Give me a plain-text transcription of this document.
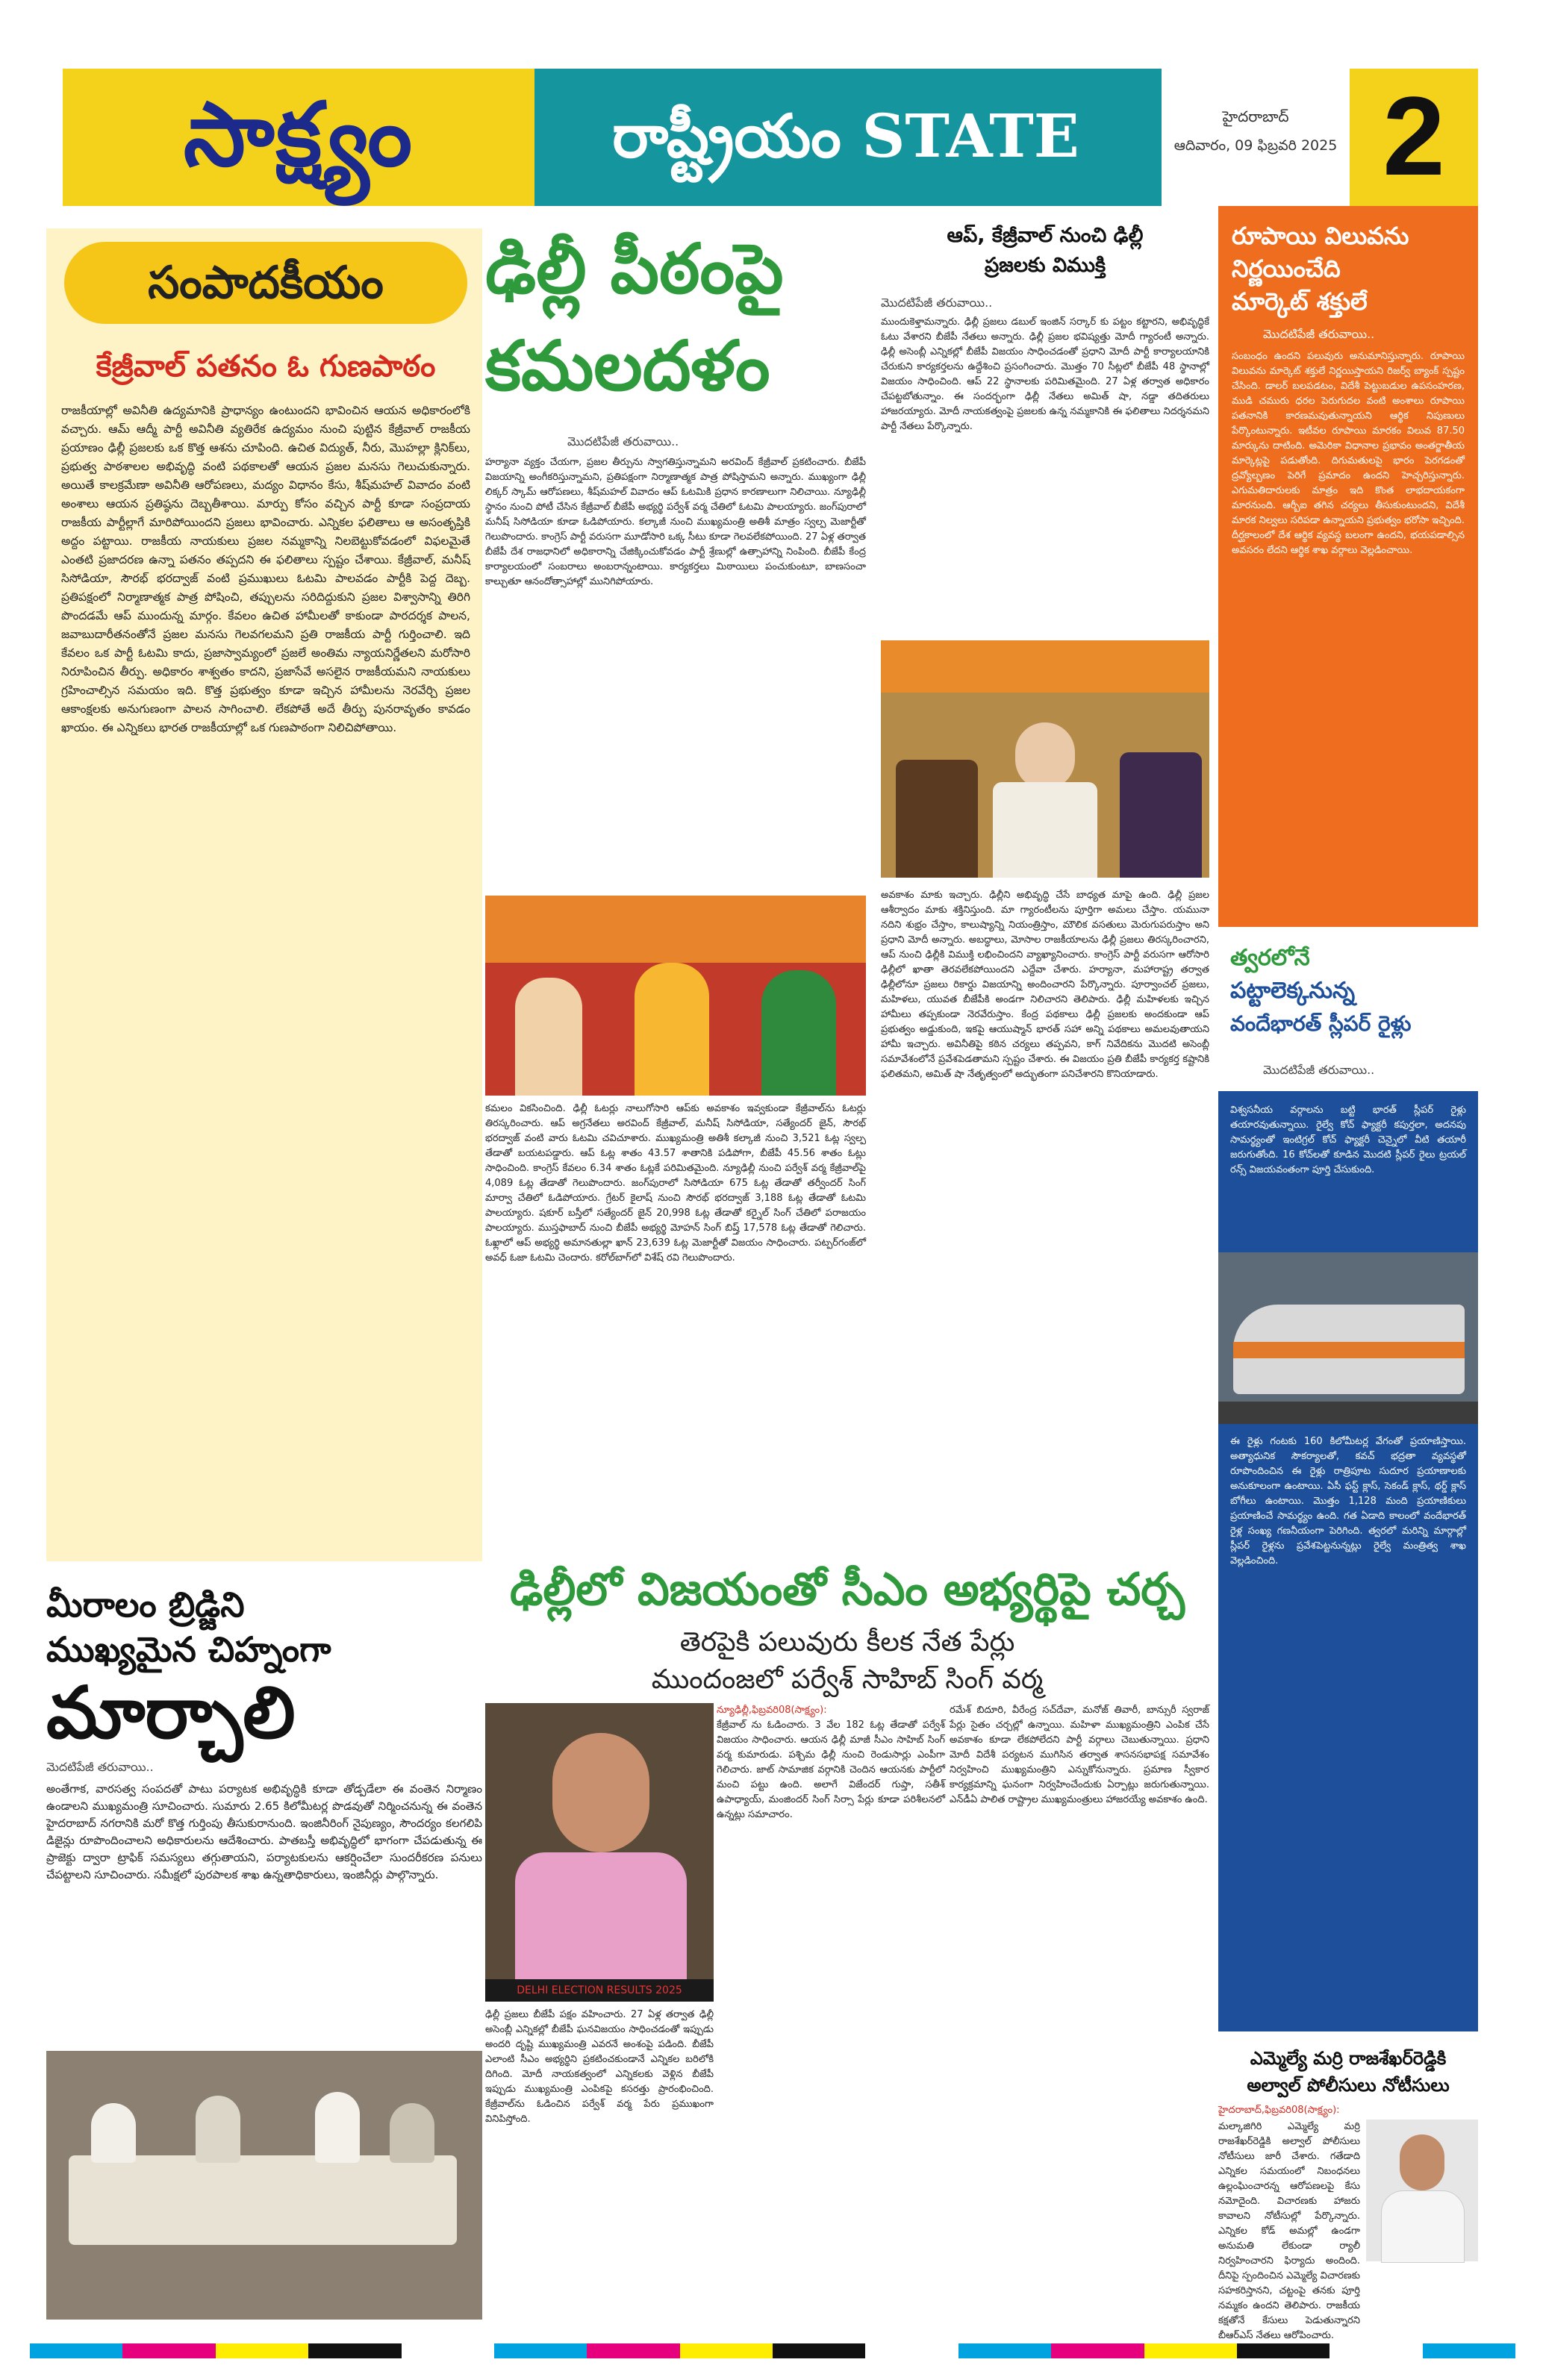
సాక్ష్యం	రాష్ట్రీయం STATE	హైదరాబాద్
ఆదివారం, 09 ఫిబ్రవరి 2025 2
సంపాదకీయం
కేజ్రీవాల్ పతనం ఓ గుణపాఠం
రాజకీయాల్లో అవినీతి ఉద్యమానికి ప్రాధాన్యం ఉంటుందని భావించిన ఆయన అధికారంలోకి వచ్చారు. ఆమ్ ఆద్మీ పార్టీ అవినీతి వ్యతిరేక ఉద్యమం నుంచి పుట్టిన కేజ్రీవాల్ రాజకీయ ప్రయాణం ఢిల్లీ ప్రజలకు ఒక కొత్త ఆశను చూపింది. ఉచిత విద్యుత్, నీరు, మొహల్లా క్లినిక్‌లు, ప్రభుత్వ పాఠశాలల అభివృద్ధి వంటి పథకాలతో ఆయన ప్రజల మనసు గెలుచుకున్నారు. అయితే కాలక్రమేణా అవినీతి ఆరోపణలు, మద్యం విధానం కేసు, శీష్‌మహల్ వివాదం వంటి అంశాలు ఆయన ప్రతిష్ఠను దెబ్బతీశాయి. మార్పు కోసం వచ్చిన పార్టీ కూడా సంప్రదాయ రాజకీయ పార్టీల్లాగే మారిపోయిందని ప్రజలు భావించారు. ఎన్నికల ఫలితాలు ఆ అసంతృప్తికి అద్దం పట్టాయి. రాజకీయ నాయకులు ప్రజల నమ్మకాన్ని నిలబెట్టుకోవడంలో విఫలమైతే ఎంతటి ప్రజాదరణ ఉన్నా పతనం తప్పదని ఈ ఫలితాలు స్పష్టం చేశాయి. కేజ్రీవాల్, మనీష్ సిసోడియా, సౌరభ్ భరద్వాజ్ వంటి ప్రముఖులు ఓటమి పాలవడం పార్టీకి పెద్ద దెబ్బ. ప్రతిపక్షంలో నిర్మాణాత్మక పాత్ర పోషించి, తప్పులను సరిదిద్దుకుని ప్రజల విశ్వాసాన్ని తిరిగి పొందడమే ఆప్ ముందున్న మార్గం. కేవలం ఉచిత హామీలతో కాకుండా పారదర్శక పాలన, జవాబుదారీతనంతోనే ప్రజల మనసు గెలవగలమని ప్రతి రాజకీయ పార్టీ గుర్తించాలి. ఇది కేవలం ఒక పార్టీ ఓటమి కాదు, ప్రజాస్వామ్యంలో ప్రజలే అంతిమ న్యాయనిర్ణేతలని మరోసారి నిరూపించిన తీర్పు. అధికారం శాశ్వతం కాదని, ప్రజాసేవే అసలైన రాజకీయమని నాయకులు గ్రహించాల్సిన సమయం ఇది. కొత్త ప్రభుత్వం కూడా ఇచ్చిన హామీలను నెరవేర్చి ప్రజల ఆకాంక్షలకు అనుగుణంగా పాలన సాగించాలి. లేకపోతే అదే తీర్పు పునరావృతం కావడం ఖాయం. ఈ ఎన్నికలు భారత రాజకీయాల్లో ఒక గుణపాఠంగా నిలిచిపోతాయి.
మీరాలం బ్రిడ్జిని
ముఖ్యమైన చిహ్నంగా
మార్చాలి
మెదటిపేజీ తరువాయి..
అంతేగాక, వారసత్వ సంపదతో పాటు పర్యాటక అభివృద్ధికి కూడా తోడ్పడేలా ఈ వంతెన నిర్మాణం ఉండాలని ముఖ్యమంత్రి సూచించారు. సుమారు 2.65 కిలోమీటర్ల పొడవుతో నిర్మించనున్న ఈ వంతెన హైదరాబాద్ నగరానికి మరో కొత్త గుర్తింపు తీసుకురానుంది. ఇంజినీరింగ్ నైపుణ్యం, సౌందర్యం కలగలిపి డిజైన్లు రూపొందించాలని అధికారులను ఆదేశించారు. పాతబస్తీ అభివృద్ధిలో భాగంగా చేపడుతున్న ఈ ప్రాజెక్టు ద్వారా ట్రాఫిక్ సమస్యలు తగ్గుతాయని, పర్యాటకులను ఆకర్షించేలా సుందరీకరణ పనులు చేపట్టాలని సూచించారు. సమీక్షలో పురపాలక శాఖ ఉన్నతాధికారులు, ఇంజినీర్లు పాల్గొన్నారు.
ఢిల్లీ పీఠంపై
కమలదళం
మొదటిపేజీ తరువాయి..
హర్యానా వ్యక్తం చేయగా, ప్రజల తీర్పును స్వాగతిస్తున్నామని అరవింద్ కేజ్రీవాల్ ప్రకటించారు. బీజేపీ విజయాన్ని అంగీకరిస్తున్నామని, ప్రతిపక్షంగా నిర్మాణాత్మక పాత్ర పోషిస్తామని అన్నారు. ముఖ్యంగా ఢిల్లీ లిక్కర్ స్కామ్ ఆరోపణలు, శీష్‌మహల్ వివాదం ఆప్ ఓటమికి ప్రధాన కారణాలుగా నిలిచాయి. న్యూఢిల్లీ స్థానం నుంచి పోటీ చేసిన కేజ్రీవాల్ బీజేపీ అభ్యర్థి పర్వేశ్ వర్మ చేతిలో ఓటమి పాలయ్యారు. జంగ్‌పురాలో మనీష్ సిసోడియా కూడా ఓడిపోయారు. కల్కాజీ నుంచి ముఖ్యమంత్రి అతిశీ మాత్రం స్వల్ప మెజార్టీతో గెలుపొందారు. కాంగ్రెస్ పార్టీ వరుసగా మూడోసారి ఒక్క సీటు కూడా గెలవలేకపోయింది. 27 ఏళ్ల తర్వాత బీజేపీ దేశ రాజధానిలో అధికారాన్ని చేజిక్కించుకోవడం పార్టీ శ్రేణుల్లో ఉత్సాహాన్ని నింపింది. బీజేపీ కేంద్ర కార్యాలయంలో సంబరాలు అంబరాన్నంటాయి. కార్యకర్తలు మిఠాయిలు పంచుకుంటూ, బాణసంచా కాల్చుతూ ఆనందోత్సాహాల్లో మునిగిపోయారు.
ఆప్, కేజ్రీవాల్ నుంచి ఢిల్లీ
ప్రజలకు విముక్తి
మొదటిపేజీ తరువాయి..
ముందుకెళ్తామన్నారు. ఢిల్లీ ప్రజలు డబుల్ ఇంజిన్ సర్కార్ కు పట్టం కట్టారని, అభివృద్ధికే ఓటు వేశారని బీజేపీ నేతలు అన్నారు. ఢిల్లీ ప్రజల భవిష్యత్తు మోదీ గ్యారంటీ అన్నారు. ఢిల్లీ అసెంబ్లీ ఎన్నికల్లో బీజేపీ విజయం సాధించడంతో ప్రధాని మోదీ పార్టీ కార్యాలయానికి చేరుకుని కార్యకర్తలను ఉద్దేశించి ప్రసంగించారు. మొత్తం 70 సీట్లలో బీజేపీ 48 స్థానాల్లో విజయం సాధించింది. ఆప్ 22 స్థానాలకు పరిమితమైంది. 27 ఏళ్ల తర్వాత అధికారం చేపట్టబోతున్నాం. ఈ సందర్భంగా ఢిల్లీ నేతలు అమిత్ షా, నడ్డా తదితరులు హాజరయ్యారు. మోదీ నాయకత్వంపై ప్రజలకు ఉన్న నమ్మకానికి ఈ ఫలితాలు నిదర్శనమని పార్టీ నేతలు పేర్కొన్నారు.
అవకాశం మాకు ఇచ్చారు. ఢిల్లీని అభివృద్ధి చేసే బాధ్యత మాపై ఉంది. ఢిల్లీ ప్రజల ఆశీర్వాదం మాకు శక్తినిస్తుంది. మా గ్యారంటీలను పూర్తిగా అమలు చేస్తాం. యమునా నదిని శుభ్రం చేస్తాం, కాలుష్యాన్ని నియంత్రిస్తాం, మౌలిక వసతులు మెరుగుపరుస్తాం అని ప్రధాని మోదీ అన్నారు. అబద్ధాలు, మోసాల రాజకీయాలను ఢిల్లీ ప్రజలు తిరస్కరించారని, ఆప్ నుంచి ఢిల్లీకి విముక్తి లభించిందని వ్యాఖ్యానించారు. కాంగ్రెస్ పార్టీ వరుసగా ఆరోసారి ఢిల్లీలో ఖాతా తెరవలేకపోయిందని ఎద్దేవా చేశారు. హర్యానా, మహారాష్ట్ర తర్వాత ఢిల్లీలోనూ ప్రజలు రికార్డు విజయాన్ని అందించారని పేర్కొన్నారు. పూర్వాంచల్ ప్రజలు, మహిళలు, యువత బీజేపీకి అండగా నిలిచారని తెలిపారు. ఢిల్లీ మహిళలకు ఇచ్చిన హామీలు తప్పకుండా నెరవేరుస్తాం. కేంద్ర పథకాలు ఢిల్లీ ప్రజలకు అందకుండా ఆప్ ప్రభుత్వం అడ్డుకుంది, ఇకపై ఆయుష్మాన్ భారత్ సహా అన్ని పథకాలు అమలవుతాయని హామీ ఇచ్చారు. అవినీతిపై కఠిన చర్యలు తప్పవని, కాగ్ నివేదికను మొదటి అసెంబ్లీ సమావేశంలోనే ప్రవేశపెడతామని స్పష్టం చేశారు. ఈ విజయం ప్రతి బీజేపీ కార్యకర్త కష్టానికి ఫలితమని, అమిత్ షా నేతృత్వంలో అద్భుతంగా పనిచేశారని కొనియాడారు.
కమలం వికసించింది. ఢిల్లీ ఓటర్లు నాలుగోసారి ఆప్‌కు అవకాశం ఇవ్వకుండా కేజ్రీవాల్‌ను ఓటర్లు తిరస్కరించారు. ఆప్ అగ్రనేతలు అరవింద్ కేజ్రీవాల్, మనీష్ సిసోడియా, సత్యేందర్ జైన్, సౌరభ్ భరద్వాజ్ వంటి వారు ఓటమి చవిచూశారు. ముఖ్యమంత్రి అతిశీ కల్కాజీ నుంచి 3,521 ఓట్ల స్వల్ప తేడాతో బయటపడ్డారు. ఆప్ ఓట్ల శాతం 43.57 శాతానికి పడిపోగా, బీజేపీ 45.56 శాతం ఓట్లు సాధించింది. కాంగ్రెస్ కేవలం 6.34 శాతం ఓట్లకే పరిమితమైంది. న్యూఢిల్లీ నుంచి పర్వేశ్ వర్మ కేజ్రీవాల్‌పై 4,089 ఓట్ల తేడాతో గెలుపొందారు. జంగ్‌పురాలో సిసోడియా 675 ఓట్ల తేడాతో తర్వీందర్ సింగ్ మార్వా చేతిలో ఓడిపోయారు. గ్రేటర్ కైలాష్ నుంచి సౌరభ్ భరద్వాజ్ 3,188 ఓట్ల తేడాతో ఓటమి పాలయ్యారు. షకూర్ బస్తీలో సత్యేందర్ జైన్ 20,998 ఓట్ల తేడాతో కర్నైల్ సింగ్ చేతిలో పరాజయం పాలయ్యారు. ముస్తఫాబాద్ నుంచి బీజేపీ అభ్యర్థి మోహన్ సింగ్ బిష్త్ 17,578 ఓట్ల తేడాతో గెలిచారు. ఓఖ్లాలో ఆప్ అభ్యర్థి అమానతుల్లా ఖాన్ 23,639 ఓట్ల మెజార్టీతో విజయం సాధించారు. పట్పర్‌గంజ్‌లో అవధ్ ఓజా ఓటమి చెందారు. కరోల్‌బాగ్‌లో విశేష్ రవి గెలుపొందారు.
ఢిల్లీలో విజయంతో సీఎం అభ్యర్థిపై చర్చ
తెరపైకి పలువురు కీలక నేత పేర్లు
ముందంజలో పర్వేశ్ సాహిబ్ సింగ్ వర్మ
DELHI ELECTION RESULTS 2025
ఢిల్లీ ప్రజలు బీజేపీ పక్షం వహించారు. 27 ఏళ్ల తర్వాత ఢిల్లీ అసెంబ్లీ ఎన్నికల్లో బీజేపీ ఘనవిజయం సాధించడంతో ఇప్పుడు అందరి దృష్టి ముఖ్యమంత్రి ఎవరనే అంశంపై పడింది. బీజేపీ ఎలాంటి సీఎం అభ్యర్థిని ప్రకటించకుండానే ఎన్నికల బరిలోకి దిగింది. మోదీ నాయకత్వంలో ఎన్నికలకు వెళ్లిన బీజేపీ ఇప్పుడు ముఖ్యమంత్రి ఎంపికపై కసరత్తు ప్రారంభించింది. కేజ్రీవాల్‌ను ఓడించిన పర్వేశ్ వర్మ పేరు ప్రముఖంగా వినిపిస్తోంది.
న్యూఢిల్లీ,ఫిబ్రవరి08(సాక్ష్యం):
కేజ్రీవాల్ ను ఓడించారు. 3 వేల 182 ఓట్ల తేడాతో పర్వేశ్ విజయం సాధించారు. ఆయన ఢిల్లీ మాజీ సీఎం సాహిబ్ సింగ్ వర్మ కుమారుడు. పశ్చిమ ఢిల్లీ నుంచి రెండుసార్లు ఎంపీగా గెలిచారు. జాట్ సామాజిక వర్గానికి చెందిన ఆయనకు పార్టీలో మంచి పట్టు ఉంది. అలాగే విజేందర్ గుప్తా, సతీశ్ ఉపాధ్యాయ్, మంజిందర్ సింగ్ సిర్సా పేర్లు కూడా పరిశీలనలో ఉన్నట్లు సమాచారం.
రమేశ్ బిదూరి, వీరేంద్ర సచ్‌దేవా, మనోజ్ తివారీ, బాన్సురీ స్వరాజ్ పేర్లు సైతం చర్చల్లో ఉన్నాయి. మహిళా ముఖ్యమంత్రిని ఎంపిక చేసే అవకాశం కూడా లేకపోలేదని పార్టీ వర్గాలు చెబుతున్నాయి. ప్రధాని మోదీ విదేశీ పర్యటన ముగిసిన తర్వాత శాసనసభాపక్ష సమావేశం నిర్వహించి ముఖ్యమంత్రిని ఎన్నుకోనున్నారు. ప్రమాణ స్వీకార కార్యక్రమాన్ని ఘనంగా నిర్వహించేందుకు ఏర్పాట్లు జరుగుతున్నాయి. ఎన్‌డీఏ పాలిత రాష్ట్రాల ముఖ్యమంత్రులు హాజరయ్యే అవకాశం ఉంది.
రూపాయి విలువను
నిర్ణయించేది
మార్కెట్ శక్తులే
మొదటిపేజీ తరువాయి..
సంబంధం ఉందని పలువురు అనుమానిస్తున్నారు. రూపాయి విలువను మార్కెట్ శక్తులే నిర్ణయిస్తాయని రిజర్వ్ బ్యాంక్ స్పష్టం చేసింది. డాలర్ బలపడటం, విదేశీ పెట్టుబడుల ఉపసంహరణ, ముడి చమురు ధరల పెరుగుదల వంటి అంశాలు రూపాయి పతనానికి కారణమవుతున్నాయని ఆర్థిక నిపుణులు పేర్కొంటున్నారు. ఇటీవల రూపాయి మారకం విలువ 87.50 మార్కును దాటింది. అమెరికా విధానాల ప్రభావం అంతర్జాతీయ మార్కెట్లపై పడుతోంది. దిగుమతులపై భారం పెరగడంతో ద్రవ్యోల్బణం పెరిగే ప్రమాదం ఉందని హెచ్చరిస్తున్నారు. ఎగుమతిదారులకు మాత్రం ఇది కొంత లాభదాయకంగా మారనుంది. ఆర్బీఐ తగిన చర్యలు తీసుకుంటుందని, విదేశీ మారక నిల్వలు సరిపడా ఉన్నాయని ప్రభుత్వం భరోసా ఇచ్చింది. దీర్ఘకాలంలో దేశ ఆర్థిక వ్యవస్థ బలంగా ఉందని, భయపడాల్సిన అవసరం లేదని ఆర్థిక శాఖ వర్గాలు వెల్లడించాయి.
త్వరలోనే
పట్టాలెక్కనున్న
వందేభారత్ స్లీపర్ రైళ్లు
మొదటిపేజీ తరువాయి..
విశ్వసనీయ వర్గాలను బట్టి భారత్ స్లీపర్ రైళ్లు తయారవుతున్నాయి. రైల్వే కోచ్ ఫ్యాక్టరీ కపుర్తలా, అదనపు సామర్థ్యంతో ఇంటిగ్రల్ కోచ్ ఫ్యాక్టరీ చెన్నైలో వీటి తయారీ జరుగుతోంది. 16 కోచ్‌లతో కూడిన మొదటి స్లీపర్ రైలు ట్రయల్ రన్స్ విజయవంతంగా పూర్తి చేసుకుంది.
ఈ రైళ్లు గంటకు 160 కిలోమీటర్ల వేగంతో ప్రయాణిస్తాయి. అత్యాధునిక సౌకర్యాలతో, కవచ్ భద్రతా వ్యవస్థతో రూపొందించిన ఈ రైళ్లు రాత్రిపూట సుదూర ప్రయాణాలకు అనుకూలంగా ఉంటాయి. ఏసీ ఫస్ట్ క్లాస్, సెకండ్ క్లాస్, థర్డ్ క్లాస్ బోగీలు ఉంటాయి. మొత్తం 1,128 మంది ప్రయాణికులు ప్రయాణించే సామర్థ్యం ఉంది. గత ఏడాది కాలంలో వందేభారత్ రైళ్ల సంఖ్య గణనీయంగా పెరిగింది. త్వరలో మరిన్ని మార్గాల్లో స్లీపర్ రైళ్లను ప్రవేశపెట్టనున్నట్లు రైల్వే మంత్రిత్వ శాఖ వెల్లడించింది.
ఎమ్మెల్యే మర్రి రాజశేఖర్‌రెడ్డికి
అల్వాల్ పోలీసులు నోటీసులు
హైదరాబాద్,ఫిబ్రవరి08(సాక్ష్యం):
మల్కాజిగిరి ఎమ్మెల్యే మర్రి రాజశేఖర్‌రెడ్డికి అల్వాల్ పోలీసులు నోటీసులు జారీ చేశారు. గతేడాది ఎన్నికల సమయంలో నిబంధనలు ఉల్లంఘించారన్న ఆరోపణలపై కేసు నమోదైంది. విచారణకు హాజరు కావాలని నోటీసుల్లో పేర్కొన్నారు. ఎన్నికల కోడ్ అమల్లో ఉండగా అనుమతి లేకుండా ర్యాలీ నిర్వహించారని ఫిర్యాదు అందింది. దీనిపై స్పందించిన ఎమ్మెల్యే విచారణకు సహకరిస్తానని, చట్టంపై తనకు పూర్తి నమ్మకం ఉందని తెలిపారు. రాజకీయ కక్షతోనే కేసులు పెడుతున్నారని బీఆర్ఎస్ నేతలు ఆరోపించారు.
